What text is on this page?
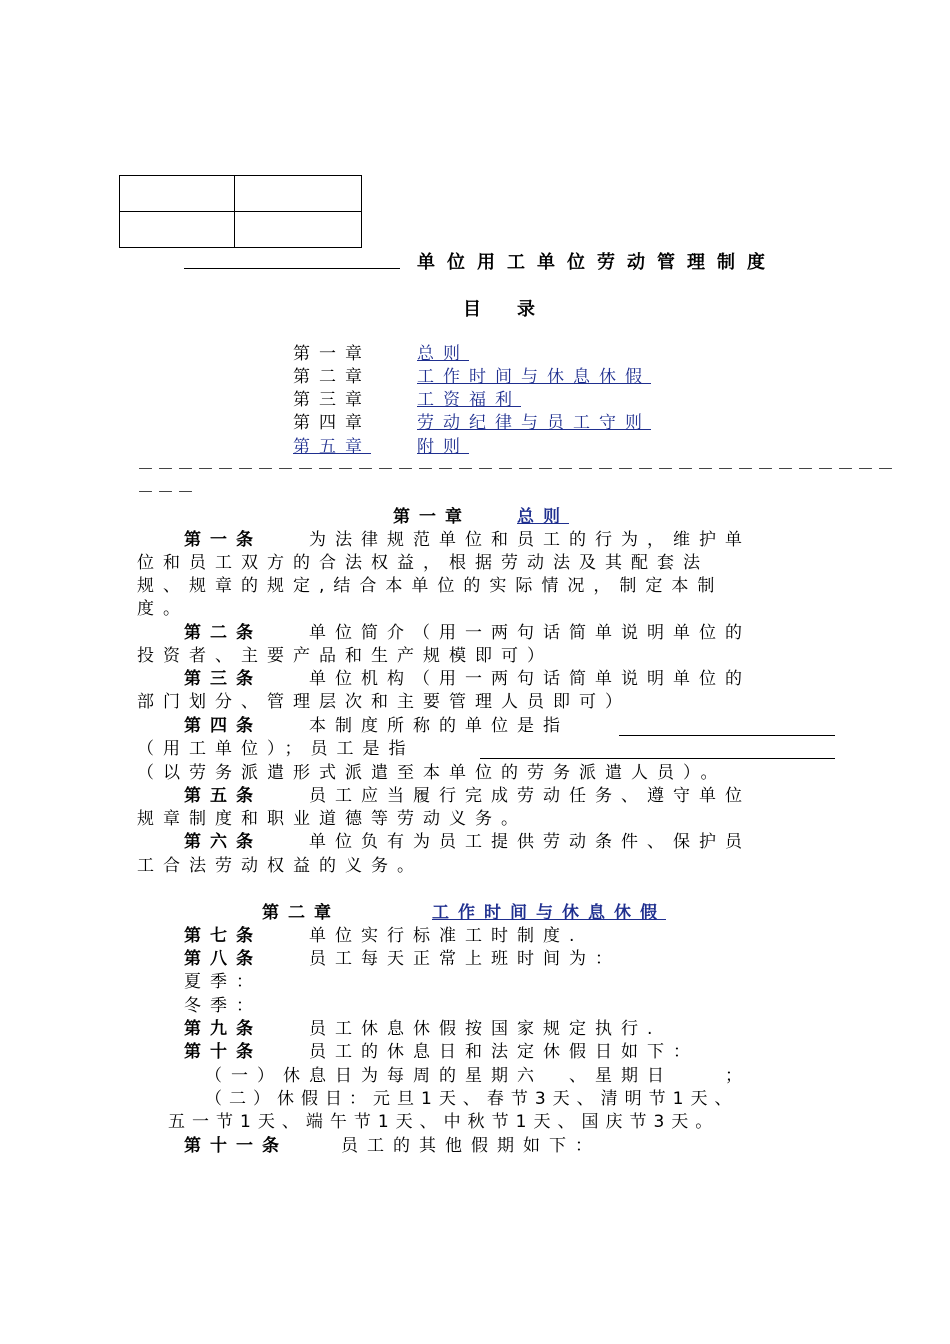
单位用工单位劳动管理制度
目　　录
第一章	总则
第二章	工作时间与休息休假
第三章	工资福利
第四章	劳动纪律与员工守则
第五章	附则
－－－－－－－－－－－－－－－－－－－－－－－－－－－－－－－－－－－－－－
－－－
第一章	总则
第一条	为法律规范单位和员工的行为，维护单
位和员工双方的合法权益，根据劳动法及其配套法
规、规章的规定,结合本单位的实际情况，制定本制
度。
第二条	单位简介（用一两句话简单说明单位的
投资者、主要产品和生产规模即可）
第三条	单位机构（用一两句话简单说明单位的
部门划分、管理层次和主要管理人员即可）
第四条	本制度所称的单位是指
（用工单位）；员工是指
（以劳务派遣形式派遣至本单位的劳务派遣人员）。
第五条	员工应当履行完成劳动任务、遵守单位
规章制度和职业道德等劳动义务。
第六条	单位负有为员工提供劳动条件、保护员
工合法劳动权益的义务。
第二章	工作时间与休息休假
第七条	单位实行标准工时制度.
第八条	员工每天正常上班时间为：
夏季：
冬季：
第九条	员工休息休假按国家规定执行.
第十条	员工的休息日和法定休假日如下：
（一）休息日为每周的星期六　、星期日　　；
（二）休假日：元旦1天、春节3天、清明节1天、
五一节1天、端午节1天、中秋节1天、国庆节3天。
第十一条	员工的其他假期如下：
